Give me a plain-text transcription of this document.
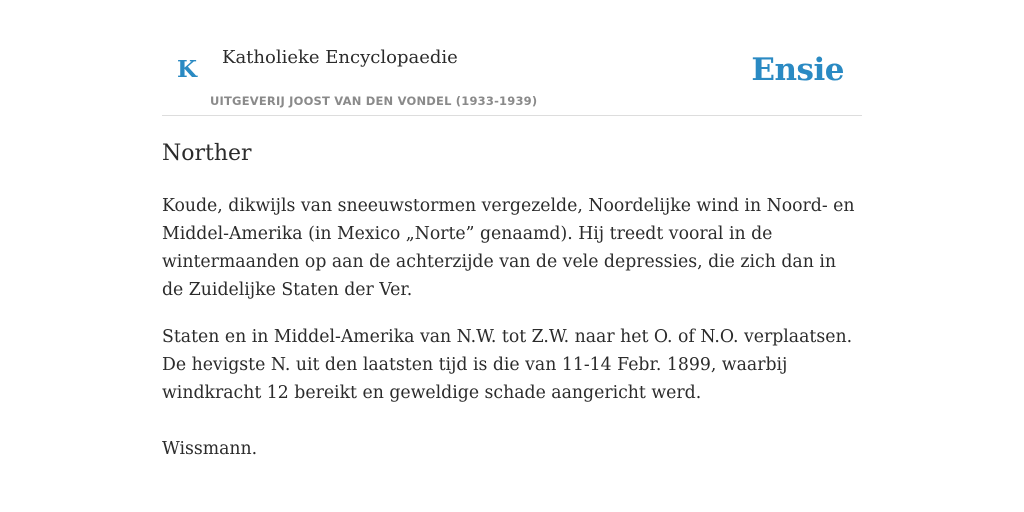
K Katholieke Encyclopaedie
UITGEVERIJ JOOST VAN DEN VONDEL (1933-1939)
Ensie
Norther

Koude, dikwijls van sneeuwstormen vergezelde, Noordelijke wind in Noord- en Middel-Amerika (in Mexico „Norte” genaamd). Hij treedt vooral in de wintermaanden op aan de achterzijde van de vele depressies, die zich dan in de Zuidelijke Staten der Ver.

Staten en in Middel-Amerika van N.W. tot Z.W. naar het O. of N.O. verplaatsen. De hevigste N. uit den laatsten tijd is die van 11-14 Febr. 1899, waarbij windkracht 12 bereikt en geweldige schade aangericht werd.

Wissmann.
